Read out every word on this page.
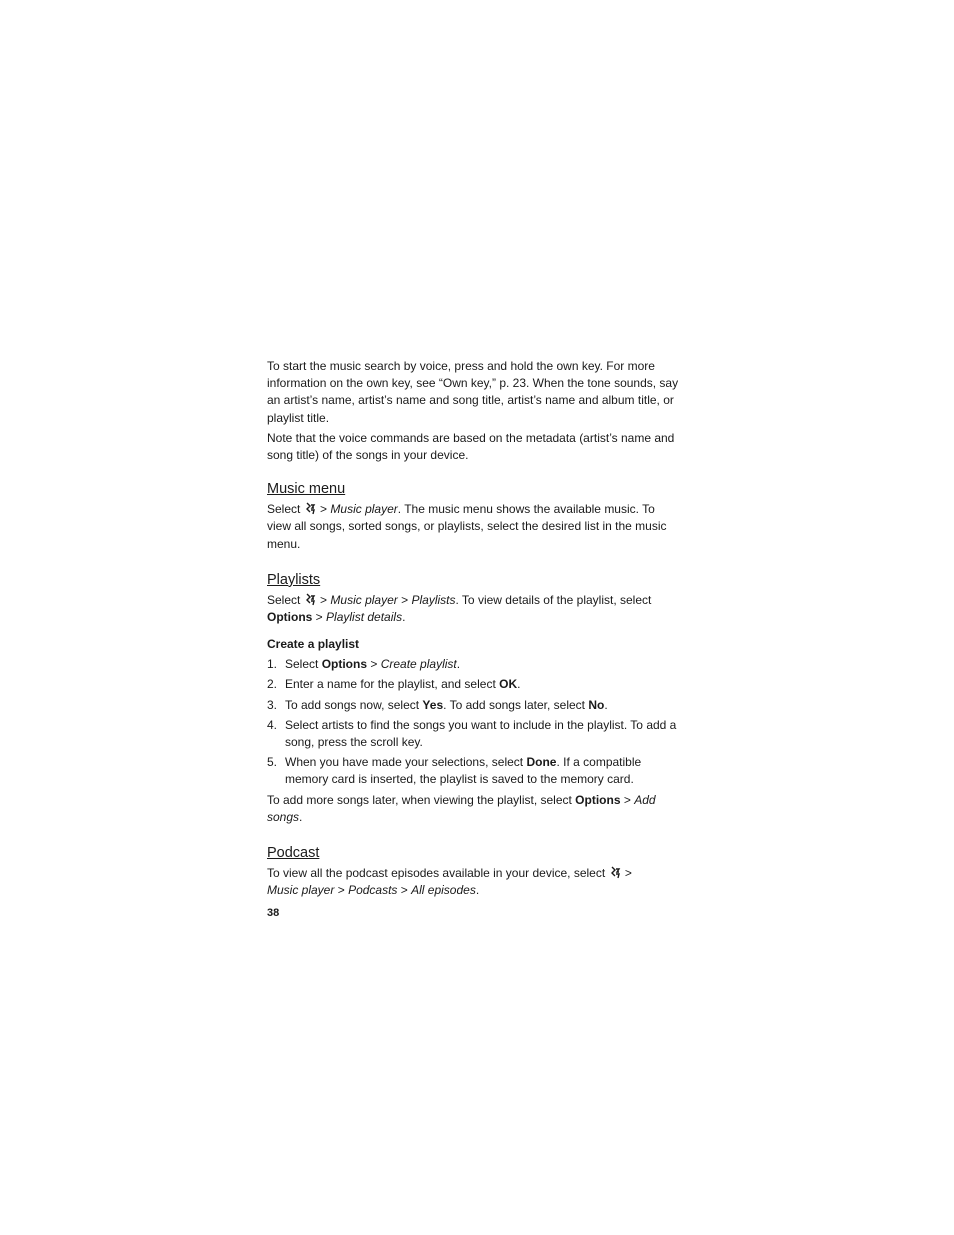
To start the music search by voice, press and hold the own key. For more information on the own key, see “Own key,” p. 23. When the tone sounds, say an artist’s name, artist’s name and song title, artist’s name and album title, or playlist title.

Note that the voice commands are based on the metadata (artist’s name and song title) of the songs in your device.

Music menu

Select > Music player. The music menu shows the available music. To view all songs, sorted songs, or playlists, select the desired list in the music menu.

Playlists

Select > Music player > Playlists. To view details of the playlist, select Options > Playlist details.

Create a playlist
1. Select Options > Create playlist.
2. Enter a name for the playlist, and select OK.
3. To add songs now, select Yes. To add songs later, select No.
4. Select artists to find the songs you want to include in the playlist. To add a song, press the scroll key.
5. When you have made your selections, select Done. If a compatible memory card is inserted, the playlist is saved to the memory card.

To add more songs later, when viewing the playlist, select Options > Add songs.

Podcast

To view all the podcast episodes available in your device, select >
Music player > Podcasts > All episodes.

38
